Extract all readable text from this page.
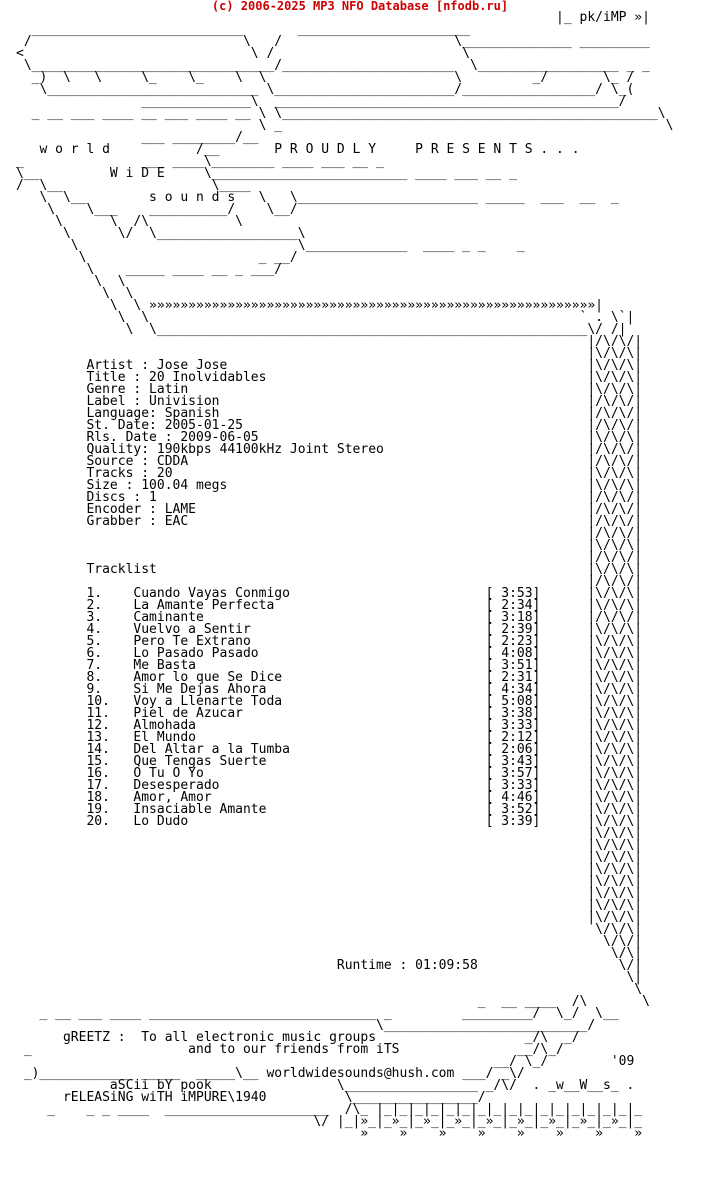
(c) 2006-2025 MP3 NFO Database [nfodb.ru]
|_ pk/iMP »|
___________________________       ______________________
/                           \   /                      \______________ _________
<                             \ /                        \
\_______________________________/______________________  \__________________ _ _
_)  \   \     \_    \_    \  \                        \         _/       \_ /
\___________________________ \_______________________/_________________/ \_(
______________\  ____________________________________________/
_ __ ___ ____ __ ___ ____ __ \ \________________________________________________\
\ _                                                 \
___ ________/__
w o r l d           /__       P R O U D L Y     P R E S E N T S . . .
_               ___ ____\________ ____ ___ __ _
\__         W i D E     \_________________________ ____ ___ __ _
/  \__                   \____
\  \__        s o u n d s   \   \_______________________ _____  ___  __  _
\    \___    __________/    \__/
\      \  /\           \
\      \/  \__________________\
\                            \_____________  ____ _ _    _
\                      _ __/
\    _____ ____ __ _ ___/
\  \
\  \
\  \ »»»»»»»»»»»»»»»»»»»»»»»»»»»»»»»»»»»»»»»»»»»»»»»»»»»»»»»»»|
\  \                                                       ` . \`|
\  \_______________________________________________________\/ /|
|/\/\/|
|\/\/\|
Artist : Jose Jose                                              |\/\/\|
Title : 20 Inolvidables                                         |\/\/\|
Genre : Latin                                                   |\/\/\|
Label : Univision                                               |/\/\/|
Language: Spanish                                               |/\/\/|
St. Date: 2005-01-25                                            |/\/\/|
Rls. Date : 2009-06-05                                          |\/\/\|
Quality: 190kbps 44100kHz Joint Stereo                          |/\/\/|
Source : CDDA                                                   |/\/\/|
Tracks : 20                                                     |\/\/\|
Size : 100.04 megs                                              |\/\/\|
Discs : 1                                                       |/\/\/|
Encoder : LAME                                                  |/\/\/|
Grabber : EAC                                                   |/\/\/|
|/\/\/|
|\/\/\|
|/\/\/|
Tracklist                                                       |\/\/\|
|/\/\/|
1.    Cuando Vayas Conmigo                         [ 3:53]      |\/\/\|
2.    La Amante Perfecta                           [ 2:34]      |\/\/\|
3.    Caminante                                    [ 3:18]      |/\/\/|
4.    Vuelvo a Sentir                              [ 2:39]      |\/\/\|
5.    Pero Te Extrano                              [ 2:23]      |\/\/\|
6.    Lo Pasado Pasado                             [ 4:08]      |\/\/\|
7.    Me Basta                                     [ 3:51]      |\/\/\|
8.    Amor lo que Se Dice                          [ 2:31]      |\/\/\|
9.    Si Me Dejas Ahora                            [ 4:34]      |\/\/\|
10.   Voy a Llenarte Toda                          [ 5:08]      |\/\/\|
11.   Piel de Azucar                               [ 3:38]      |\/\/\|
12.   Almohada                                     [ 3:33]      |\/\/\|
13.   El Mundo                                     [ 2:12]      |\/\/\|
14.   Del Altar a la Tumba                         [ 2:06]      |\/\/\|
15.   Que Tengas Suerte                            [ 3:43]      |\/\/\|
16.   O Tu O Yo                                    [ 3:57]      |\/\/\|
17.   Desesperado                                  [ 3:33]      |\/\/\|
18.   Amor, Amor                                   [ 4:46]      |\/\/\|
19.   Insaciable Amante                            [ 3:52]      |\/\/\|
20.   Lo Dudo                                      [ 3:39]      |\/\/\|
|\/\/\|
|\/\/\|
|\/\/\|
|\/\/\|
|\/\/\|
|\/\/\|
|\/\/\|
|\/\/\|
\/\/\|
\/\/|
\/\|
Runtime : 01:09:58                  \/|
\|
\
_  __ ____  /\       \
_ __ ___ ____ _____________________________ _         _________/  \_/  \__
\__________________________/
gREETZ :  To all electronic music groups                   _/\  _/
_                    and to our friends from iTS               __/\_/
__/ \_/        '09
_)____________ _____  _____\__ worldwidesounds@hush.com ___/ _\/
aSCii bY pook                \_________________ _/\/  . _w__W__s_ .
rELEASiNG wiTH iMPURE\1940          \________________/
_    _ _ ____  _____________________  /\_ |_|_|_|_|_|_|_|_|_|_|_|_|_|_|_|_|_
\/ |_|»_|_»_|_»_|_»_|_»_|_»_|_»_|_»_|_»_|_
»    »    »    »    »    »    »    »
